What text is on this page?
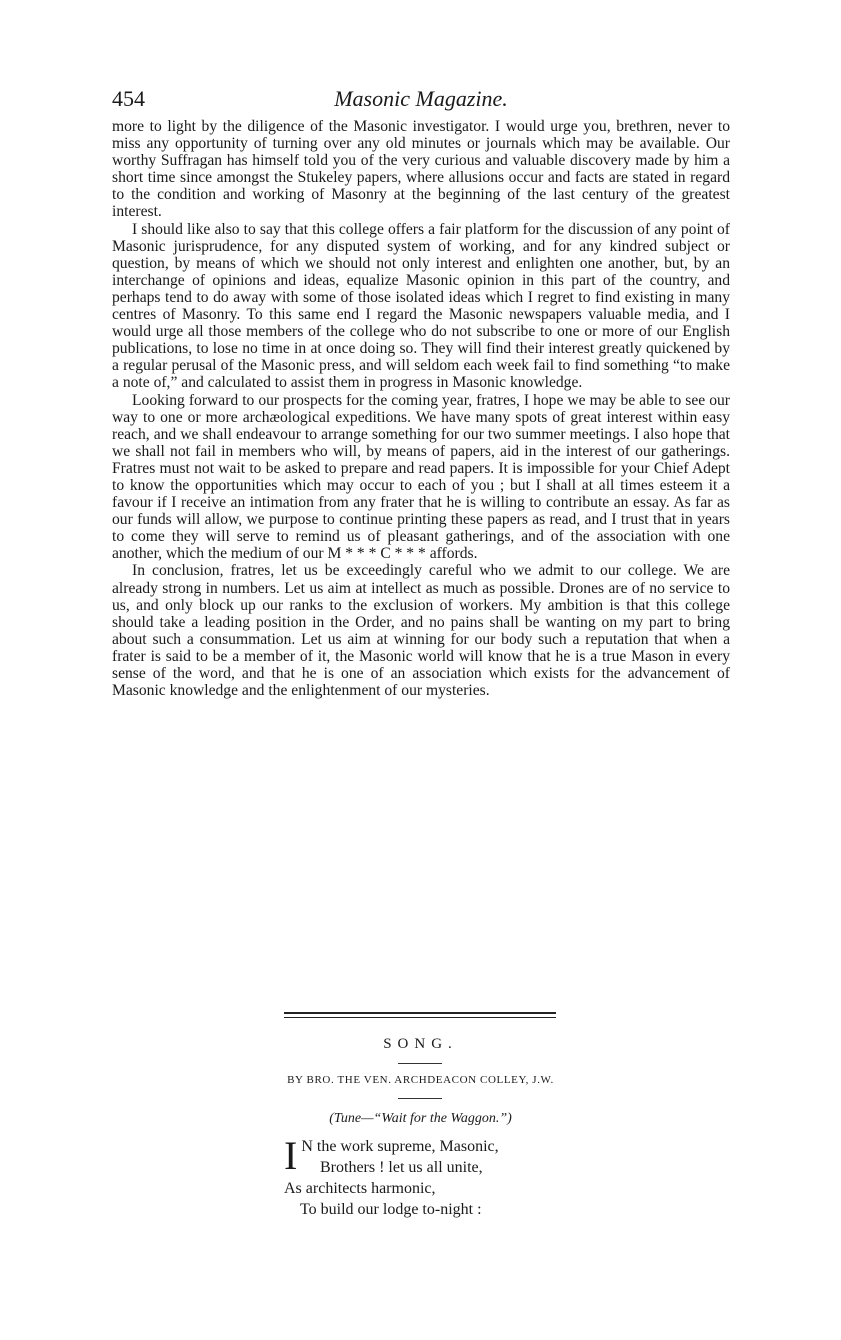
454	Masonic Magazine.

more to light by the diligence of the Masonic investigator. I would urge you, brethren, never to miss any opportunity of turning over any old minutes or journals which may be available. Our worthy Suffragan has himself told you of the very curious and valuable discovery made by him a short time since amongst the Stukeley papers, where allusions occur and facts are stated in regard to the condition and working of Masonry at the beginning of the last century of the greatest interest.

I should like also to say that this college offers a fair platform for the discussion of any point of Masonic jurisprudence, for any disputed system of working, and for any kindred subject or question, by means of which we should not only interest and enlighten one another, but, by an interchange of opinions and ideas, equalize Masonic opinion in this part of the country, and perhaps tend to do away with some of those isolated ideas which I regret to find existing in many centres of Masonry. To this same end I regard the Masonic newspapers valuable media, and I would urge all those members of the college who do not subscribe to one or more of our English publications, to lose no time in at once doing so. They will find their interest greatly quickened by a regular perusal of the Masonic press, and will seldom each week fail to find something “to make a note of,” and calculated to assist them in progress in Masonic knowledge.

Looking forward to our prospects for the coming year, fratres, I hope we may be able to see our way to one or more archæological expeditions. We have many spots of great interest within easy reach, and we shall endeavour to arrange something for our two summer meetings. I also hope that we shall not fail in members who will, by means of papers, aid in the interest of our gatherings. Fratres must not wait to be asked to prepare and read papers. It is impossible for your Chief Adept to know the opportunities which may occur to each of you ; but I shall at all times esteem it a favour if I receive an intimation from any frater that he is willing to contribute an essay. As far as our funds will allow, we purpose to continue printing these papers as read, and I trust that in years to come they will serve to remind us of pleasant gatherings, and of the association with one another, which the medium of our M * * * C * * * affords.

In conclusion, fratres, let us be exceedingly careful who we admit to our college. We are already strong in numbers. Let us aim at intellect as much as possible. Drones are of no service to us, and only block up our ranks to the exclusion of workers. My ambition is that this college should take a leading position in the Order, and no pains shall be wanting on my part to bring about such a consummation. Let us aim at winning for our body such a reputation that when a frater is said to be a member of it, the Masonic world will know that he is a true Mason in every sense of the word, and that he is one of an association which exists for the advancement of Masonic knowledge and the enlightenment of our mysteries.

SONG.
BY BRO. THE VEN. ARCHDEACON COLLEY, J.W.
(Tune—“Wait for the Waggon.”)
I N the work supreme, Masonic,
Brothers ! let us all unite,
As architects harmonic,
To build our lodge to-night :
